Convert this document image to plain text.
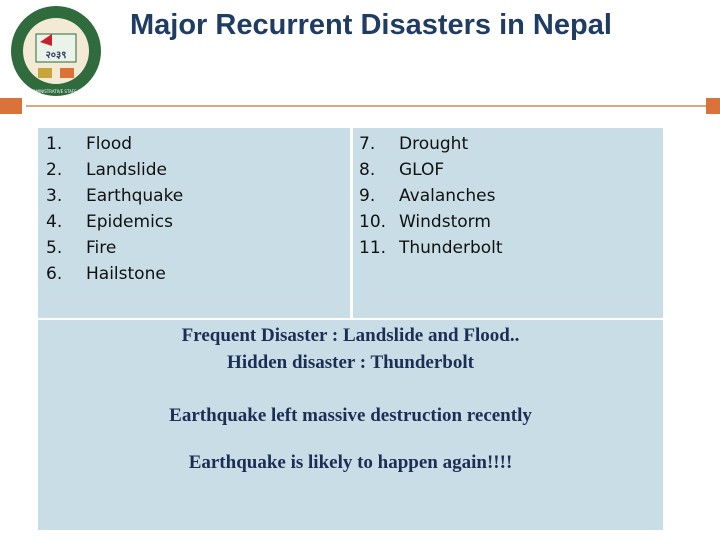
२०३९
NEPAL ADMINISTRATIVE STAFF COLLEGE
Major Recurrent Disasters in Nepal
1. Flood
2. Landslide
3. Earthquake
4. Epidemics
5. Fire
6. Hailstone
7. Drought
8. GLOF
9. Avalanches
10. Windstorm
11. Thunderbolt
Frequent Disaster : Landslide and Flood..
Hidden disaster : Thunderbolt
Earthquake left massive destruction recently
Earthquake is likely to happen again!!!!
